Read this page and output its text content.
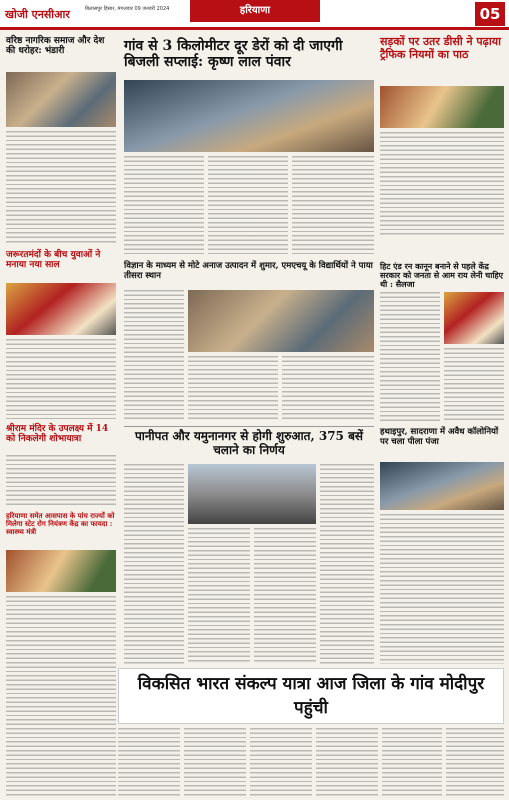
खोजी एनसीआर	बिलासपुर हिसार, मंगलवार 09 जनवरी 2024	हरियाणा	05
वरिष्ठ नागरिक समाज और देश की धरोहर: भंडारी	गांव से 3 किलोमीटर दूर डेरों को दी जाएगी बिजली सप्लाई: कृष्ण लाल पंवार
सड़कों पर उतर डीसी ने पढ़ाया ट्रैफिक नियमों का पाठ
जरूरतमंदों के बीच युवाओं ने मनाया नया साल	विज्ञान के माध्यम से मोटे अनाज उत्पादन में शुमार, एमएचयू के विद्यार्थियों ने पाया तीसरा स्थान
हिट एंड रन कानून बनाने से पहले केंद्र सरकार को जनता से आम राय लेनी चाहिए थी : सैलजा
श्रीराम मंदिर के उपलक्ष्य में 14 को निकलेगी शोभायात्रा	पानीपत और यमुनानगर से होगी शुरुआत, 375 बसें चलाने का निर्णय
हथाइपुर, सादराणा में अवैध कॉलोनियों पर चला पीला पंजा
हरियाणा समेत आसपास के पांच राज्यों को मिलेगा स्टेट रोग नियंत्रण केंद्र का फायदा : स्वास्थ्य मंत्री
विकसित भारत संकल्प यात्रा आज जिला के गांव मोदीपुर पहुंची
